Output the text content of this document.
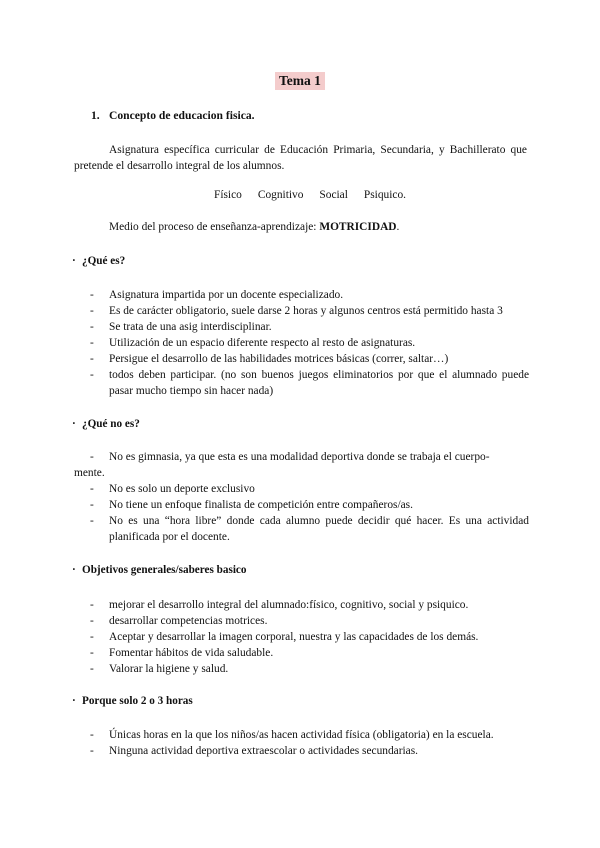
Tema 1
1. Concepto de educacion fisica.
Asignatura específica curricular de Educación Primaria, Secundaria, y Bachillerato que pretende el desarrollo integral de los alumnos.
Físico Cognitivo Social Psiquico.
Medio del proceso de enseñanza-aprendizaje: MOTRICIDAD.
· ¿Qué es?
- Asignatura impartida por un docente especializado.
- Es de carácter obligatorio, suele darse 2 horas y algunos centros está permitido hasta 3
- Se trata de una asig interdisciplinar.
- Utilización de un espacio diferente respecto al resto de asignaturas.
- Persigue el desarrollo de las habilidades motrices básicas (correr, saltar…)
- todos deben participar. (no son buenos juegos eliminatorios por que el alumnado puede pasar mucho tiempo sin hacer nada)
· ¿Qué no es?
- No es gimnasia, ya que esta es una modalidad deportiva donde se trabaja el cuerpo-mente.
- No es solo un deporte exclusivo
- No tiene un enfoque finalista de competición entre compañeros/as.
- No es una “hora libre” donde cada alumno puede decidir qué hacer. Es una actividad planificada por el docente.
· Objetivos generales/saberes basico
- mejorar el desarrollo integral del alumnado:físico, cognitivo, social y psiquico.
- desarrollar competencias motrices.
- Aceptar y desarrollar la imagen corporal, nuestra y las capacidades de los demás.
- Fomentar hábitos de vida saludable.
- Valorar la higiene y salud.
· Porque solo 2 o 3 horas
- Únicas horas en la que los niños/as hacen actividad física (obligatoria) en la escuela.
- Ninguna actividad deportiva extraescolar o actividades secundarias.
